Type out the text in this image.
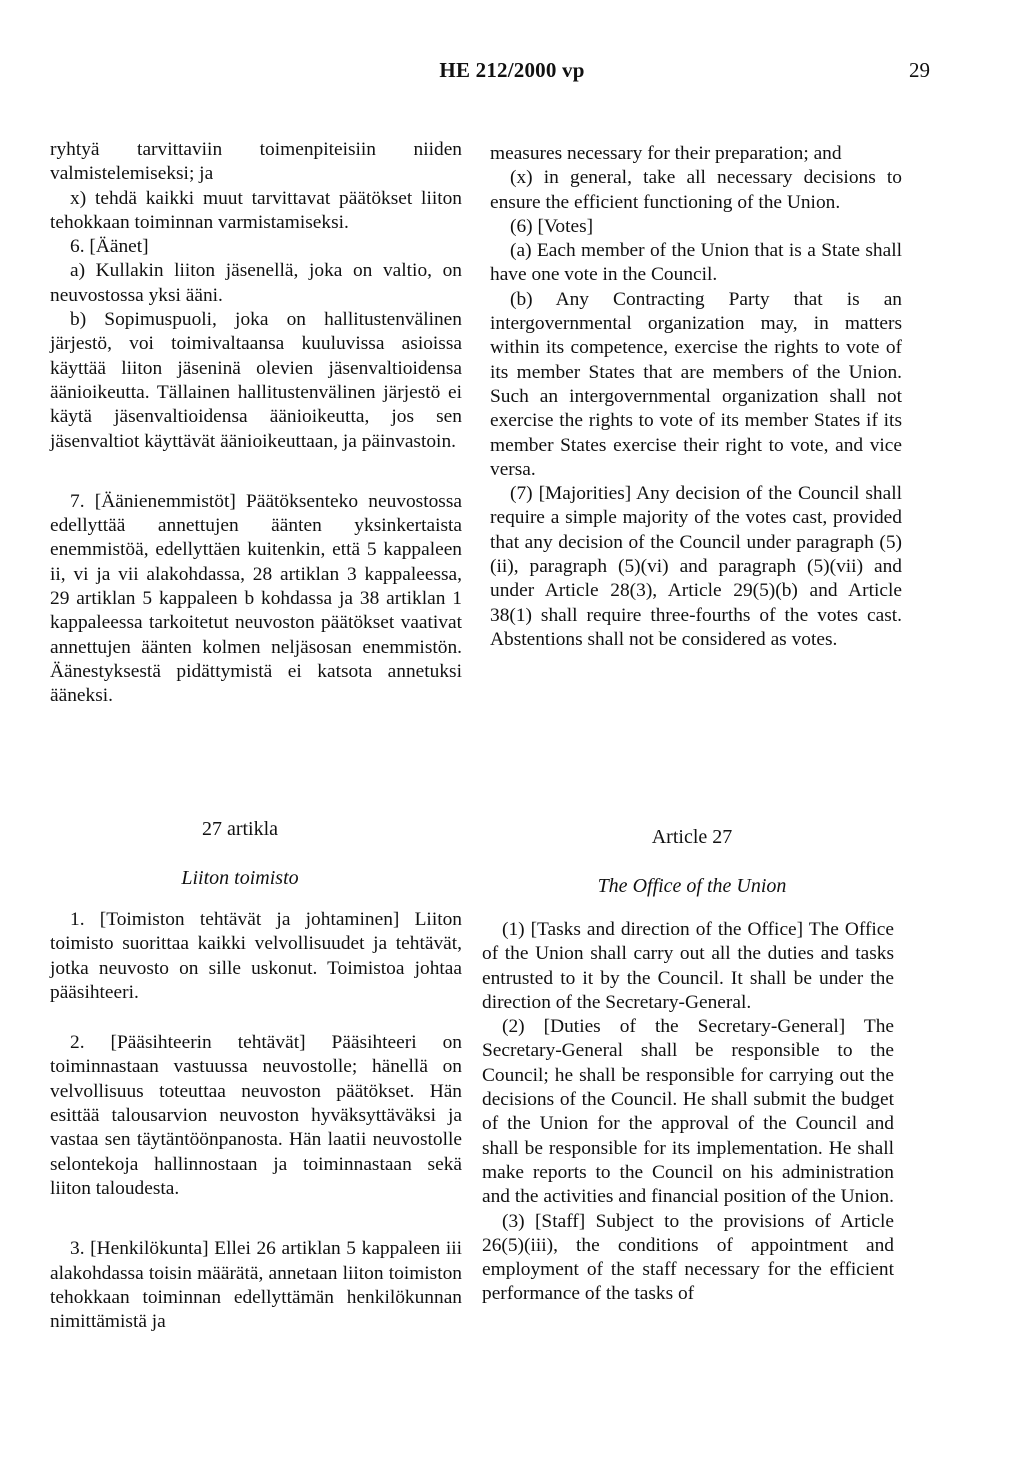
HE 212/2000 vp	29

ryhtyä tarvittaviin toimenpiteisiin niiden valmistelemiseksi; ja

x) tehdä kaikki muut tarvittavat päätökset liiton tehokkaan toiminnan varmistamiseksi.

6. [Äänet]

a) Kullakin liiton jäsenellä, joka on valtio, on neuvostossa yksi ääni.

b) Sopimuspuoli, joka on hallitustenvälinen järjestö, voi toimivaltaansa kuuluvissa asioissa käyttää liiton jäseninä olevien jäsenvaltioidensa äänioikeutta. Tällainen hallitustenvälinen järjestö ei käytä jäsenvaltioidensa äänioikeutta, jos sen jäsenvaltiot käyttävät äänioikeuttaan, ja päinvastoin.

7. [Äänienemmistöt] Päätöksenteko neuvostossa edellyttää annettujen äänten yksinkertaista enemmistöä, edellyttäen kuitenkin, että 5 kappaleen ii, vi ja vii alakohdassa, 28 artiklan 3 kappaleessa, 29 artiklan 5 kappaleen b kohdassa ja 38 artiklan 1 kappaleessa tarkoitetut neuvoston päätökset vaativat annettujen äänten kolmen neljäsosan enemmistön. Äänestyksestä pidättymistä ei katsota annetuksi ääneksi.

measures necessary for their preparation; and

(x) in general, take all necessary decisions to ensure the efficient functioning of the Union.

(6) [Votes]

(a) Each member of the Union that is a State shall have one vote in the Council.

(b) Any Contracting Party that is an intergovernmental organization may, in matters within its competence, exercise the rights to vote of its member States that are members of the Union. Such an intergovernmental organization shall not exercise the rights to vote of its member States if its member States exercise their right to vote, and vice versa.

(7) [Majorities] Any decision of the Council shall require a simple majority of the votes cast, provided that any decision of the Council under paragraph (5)(ii), paragraph (5)(vi) and paragraph (5)(vii) and under Article 28(3), Article 29(5)(b) and Article 38(1) shall require three-fourths of the votes cast. Abstentions shall not be considered as votes.

27 artikla
Liiton toimisto
Article 27
The Office of the Union

1. [Toimiston tehtävät ja johtaminen] Liiton toimisto suorittaa kaikki velvollisuudet ja tehtävät, jotka neuvosto on sille uskonut. Toimistoa johtaa pääsihteeri.

2. [Pääsihteerin tehtävät] Pääsihteeri on toiminnastaan vastuussa neuvostolle; hänellä on velvollisuus toteuttaa neuvoston päätökset. Hän esittää talousarvion neuvoston hyväksyttäväksi ja vastaa sen täytäntöönpanosta. Hän laatii neuvostolle selontekoja hallinnostaan ja toiminnastaan sekä liiton taloudesta.

3. [Henkilökunta] Ellei 26 artiklan 5 kappaleen iii alakohdassa toisin määrätä, annetaan liiton toimiston tehokkaan toiminnan edellyttämän henkilökunnan nimittämistä ja

(1) [Tasks and direction of the Office] The Office of the Union shall carry out all the duties and tasks entrusted to it by the Council. It shall be under the direction of the Secretary-General.

(2) [Duties of the Secretary-General] The Secretary-General shall be responsible to the Council; he shall be responsible for carrying out the decisions of the Council. He shall submit the budget of the Union for the approval of the Council and shall be responsible for its implementation. He shall make reports to the Council on his administration and the activities and financial position of the Union.

(3) [Staff] Subject to the provisions of Article 26(5)(iii), the conditions of appointment and employment of the staff necessary for the efficient performance of the tasks of
